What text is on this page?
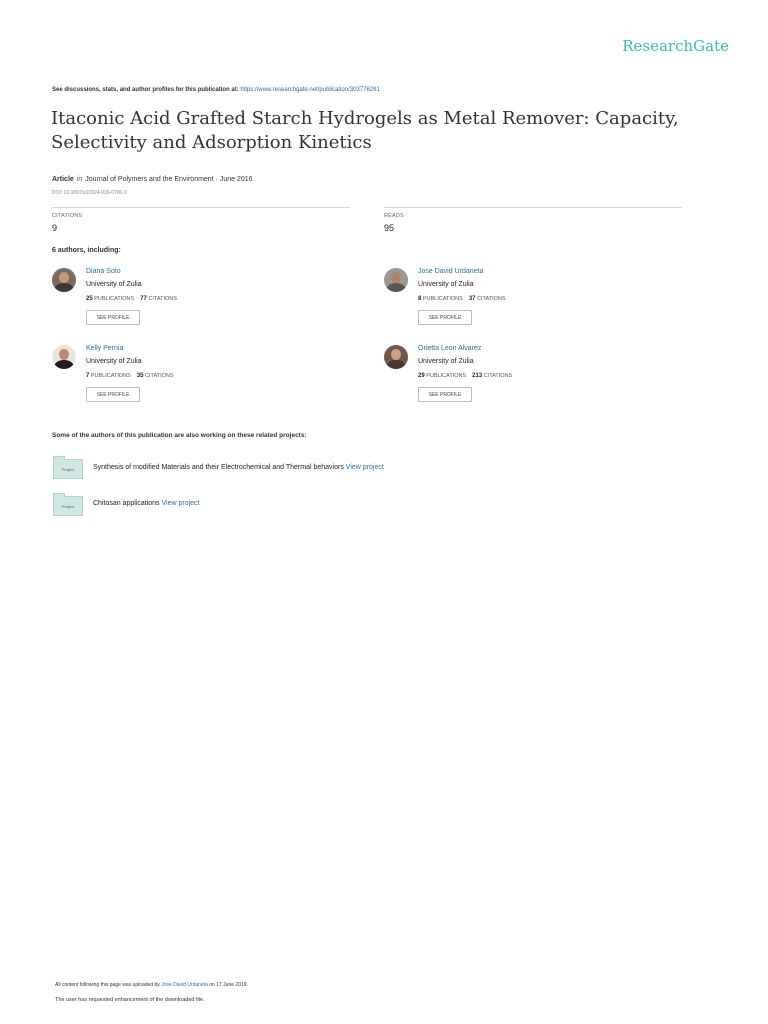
ResearchGate
See discussions, stats, and author profiles for this publication at: https://www.researchgate.net/publication/303776281
Itaconic Acid Grafted Starch Hydrogels as Metal Remover: Capacity, Selectivity and Adsorption Kinetics
Article in Journal of Polymers and the Environment · June 2016
DOI: 10.1007/s10924-016-0790-9
CITATIONS
9
READS
95
6 authors, including:
Diana Soto
University of Zulia
25 PUBLICATIONS 77 CITATIONS
SEE PROFILE
Jose David Urdaneta
University of Zulia
8 PUBLICATIONS 37 CITATIONS
SEE PROFILE
Kelly Pernia
University of Zulia
7 PUBLICATIONS 35 CITATIONS
SEE PROFILE
Orietta Leon Alvarez
University of Zulia
29 PUBLICATIONS 213 CITATIONS
SEE PROFILE
Some of the authors of this publication are also working on these related projects:
Project	Synthesis of modified Materials and their Electrochemical and Thermal behaviors View project
Project	Chitosan applications View project
All content following this page was uploaded by Jose David Urdaneta on 17 June 2019.
The user has requested enhancement of the downloaded file.
